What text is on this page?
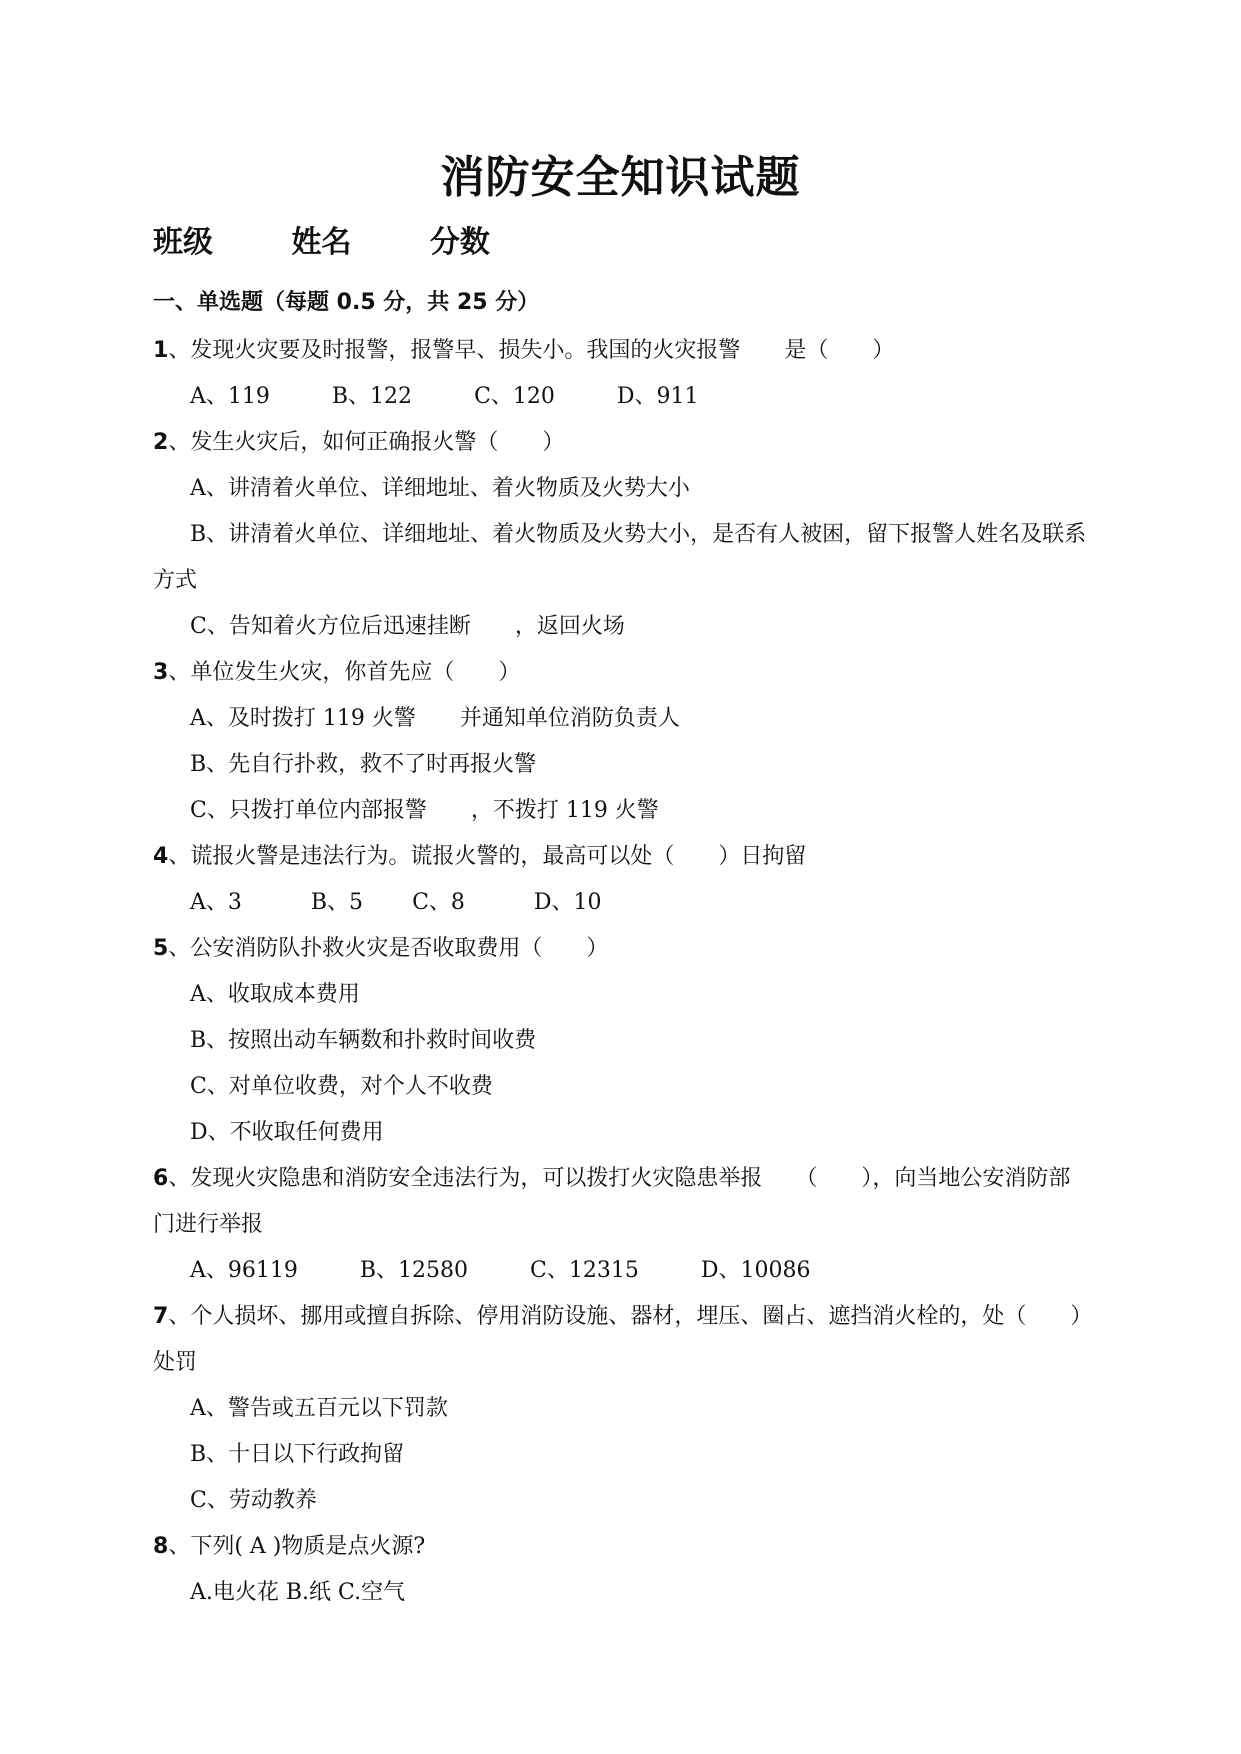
消防安全知识试题
班级	姓名	分数
一、单选题（每题 0.5 分，共 25 分）
1、发现火灾要及时报警，报警早、损失小。我国的火灾报警　　是（　　）
A、119	B、122	C、120	D、911
2、发生火灾后，如何正确报火警（　　）
A、讲清着火单位、详细地址、着火物质及火势大小
B、讲清着火单位、详细地址、着火物质及火势大小，是否有人被困，留下报警人姓名及联系方式
C、告知着火方位后迅速挂断　　，返回火场
3、单位发生火灾，你首先应（　　）
A、及时拨打 119 火警　　并通知单位消防负责人
B、先自行扑救，救不了时再报火警
C、只拨打单位内部报警　　，不拨打 119 火警
4、谎报火警是违法行为。谎报火警的，最高可以处（　　）日拘留
A、3	B、5 C、8	D、10
5、公安消防队扑救火灾是否收取费用（　　）
A、收取成本费用
B、按照出动车辆数和扑救时间收费
C、对单位收费，对个人不收费
D、不收取任何费用
6、发现火灾隐患和消防安全违法行为，可以拨打火灾隐患举报　　（　　），向当地公安消防部门进行举报
A、96119	B、12580	C、12315	D、10086
7、个人损坏、挪用或擅自拆除、停用消防设施、器材，埋压、圈占、遮挡消火栓的，处（　　）处罚
A、警告或五百元以下罚款
B、十日以下行政拘留
C、劳动教养
8、下列( A )物质是点火源?
A.电火花 B.纸 C.空气
